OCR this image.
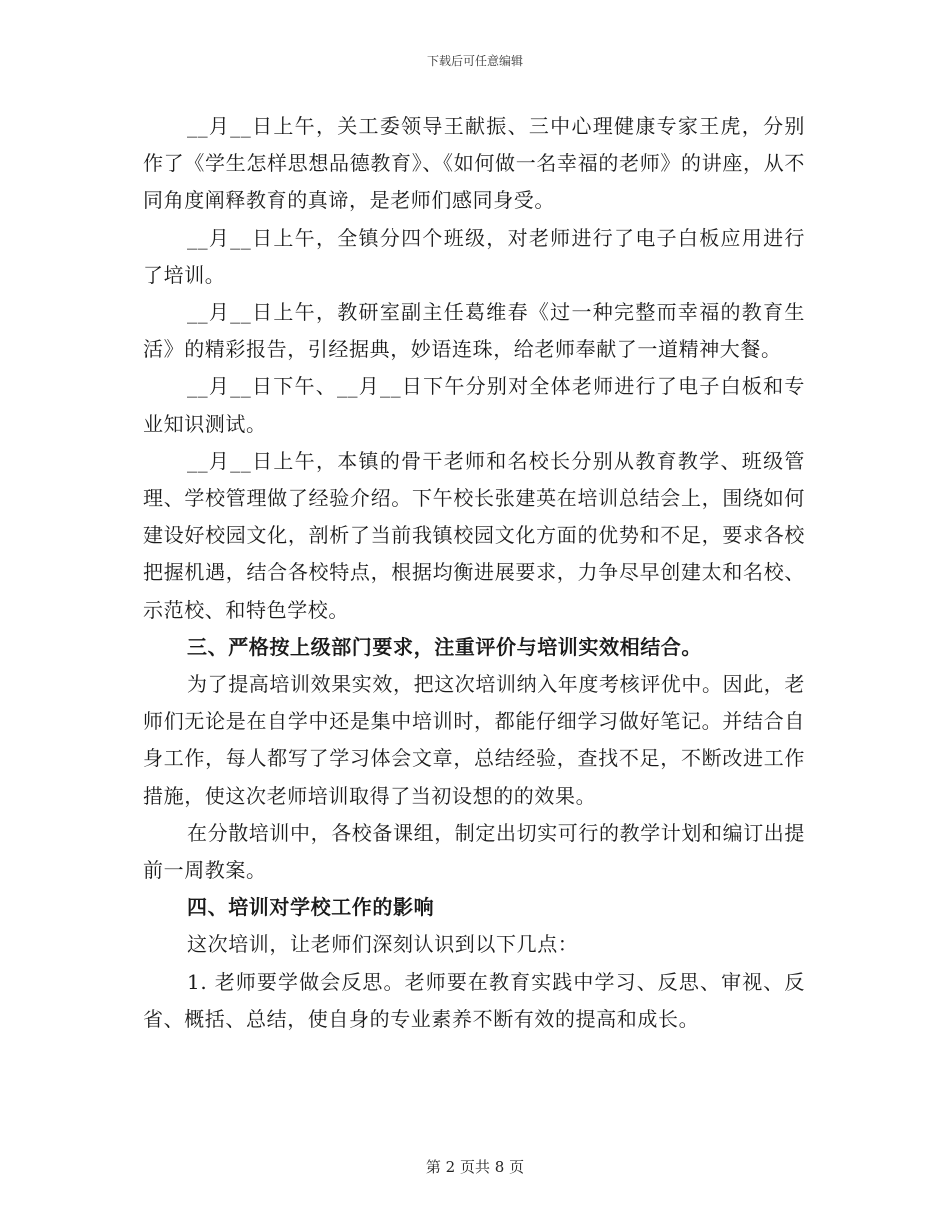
下载后可任意编辑

__月__日上午，关工委领导王献振、三中心理健康专家王虎，分别作了《学生怎样思想品德教育》、《如何做一名幸福的老师》的讲座，从不同角度阐释教育的真谛，是老师们感同身受。

__月__日上午，全镇分四个班级，对老师进行了电子白板应用进行了培训。

__月__日上午，教研室副主任葛维春《过一种完整而幸福的教育生活》的精彩报告，引经据典，妙语连珠，给老师奉献了一道精神大餐。

__月__日下午、__月__日下午分别对全体老师进行了电子白板和专业知识测试。

__月__日上午，本镇的骨干老师和名校长分别从教育教学、班级管理、学校管理做了经验介绍。下午校长张建英在培训总结会上，围绕如何建设好校园文化，剖析了当前我镇校园文化方面的优势和不足，要求各校把握机遇，结合各校特点，根据均衡进展要求，力争尽早创建太和名校、示范校、和特色学校。

三、严格按上级部门要求，注重评价与培训实效相结合。

为了提高培训效果实效，把这次培训纳入年度考核评优中。因此，老师们无论是在自学中还是集中培训时，都能仔细学习做好笔记。并结合自身工作，每人都写了学习体会文章，总结经验，查找不足，不断改进工作措施，使这次老师培训取得了当初设想的的效果。

在分散培训中，各校备课组，制定出切实可行的教学计划和编订出提前一周教案。

四、培训对学校工作的影响

这次培训，让老师们深刻认识到以下几点：

1. 老师要学做会反思。老师要在教育实践中学习、反思、审视、反省、概括、总结，使自身的专业素养不断有效的提高和成长。

第 2 页共 8 页
